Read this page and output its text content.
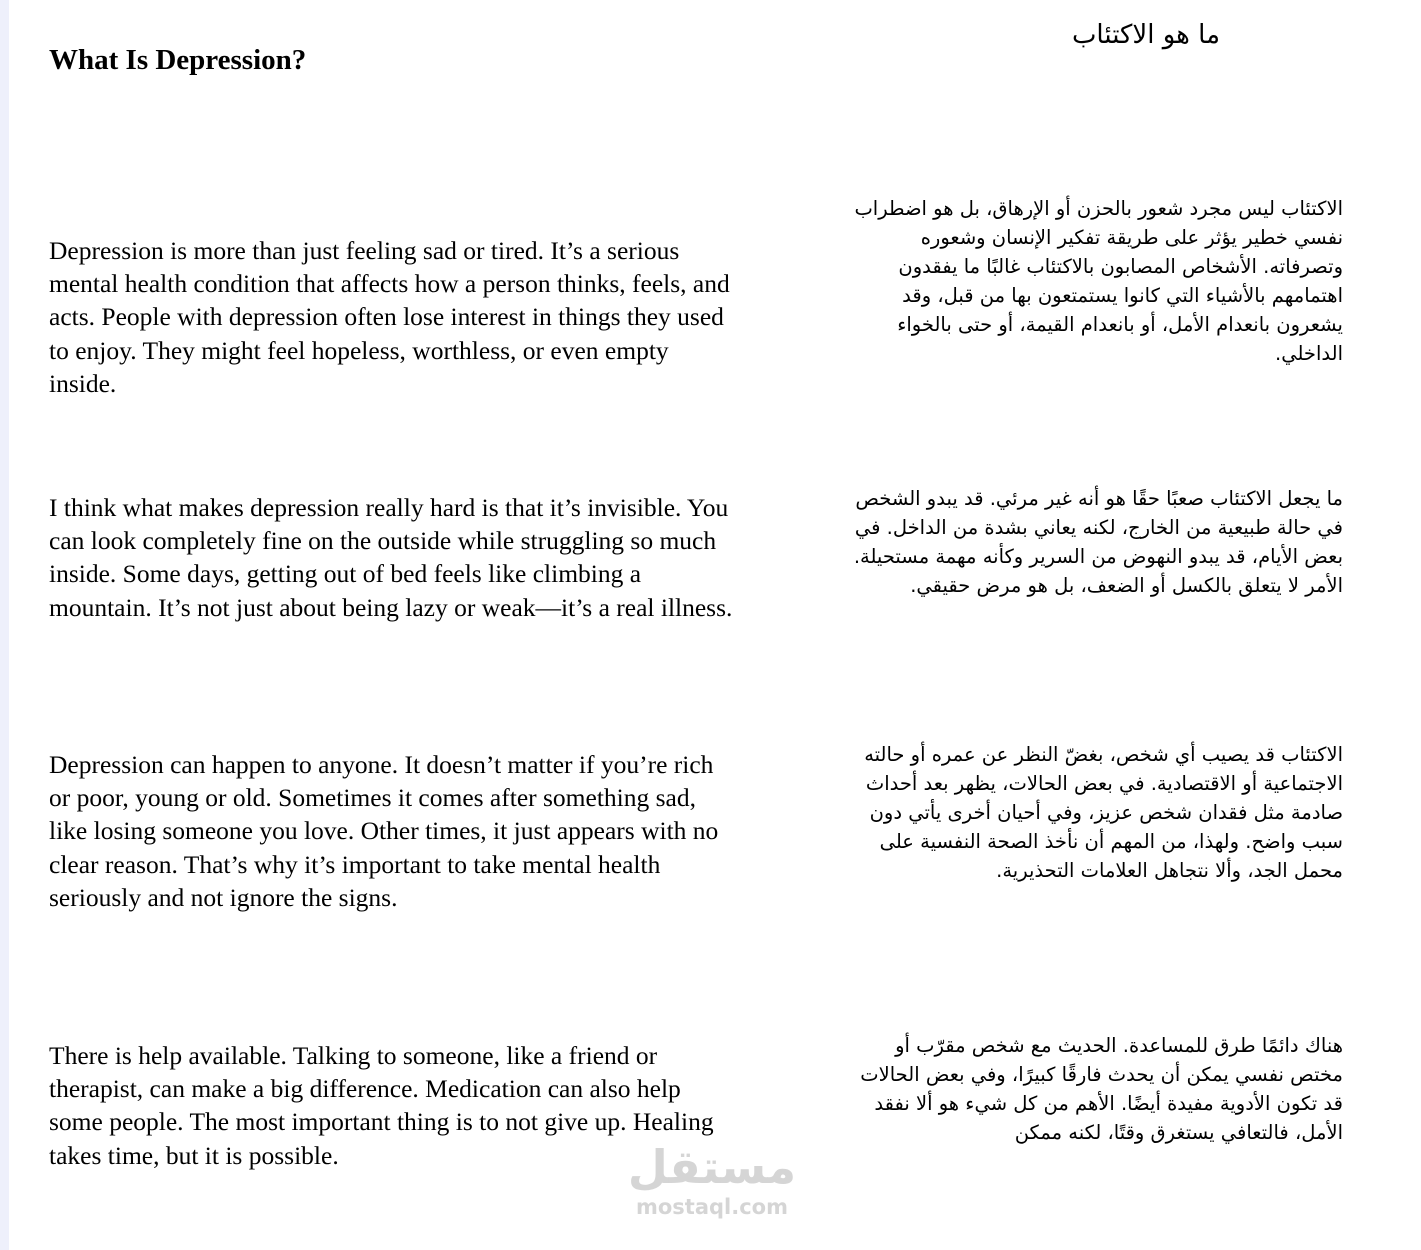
What Is Depression?
ما هو الاكتئاب

Depression is more than just feeling sad or tired. It’s a serious mental health condition that affects how a person thinks, feels, and acts. People with depression often lose interest in things they used to enjoy. They might feel hopeless, worthless, or even empty inside.

I think what makes depression really hard is that it’s invisible. You can look completely fine on the outside while struggling so much inside. Some days, getting out of bed feels like climbing a mountain. It’s not just about being lazy or weak—it’s a real illness.

Depression can happen to anyone. It doesn’t matter if you’re rich or poor, young or old. Sometimes it comes after something sad, like losing someone you love. Other times, it just appears with no clear reason. That’s why it’s important to take mental health seriously and not ignore the signs.

There is help available. Talking to someone, like a friend or therapist, can make a big difference. Medication can also help some people. The most important thing is to not give up. Healing takes time, but it is possible.

الاكتئاب ليس مجرد شعور بالحزن أو الإرهاق، بل هو اضطراب نفسي خطير يؤثر على طريقة تفكير الإنسان وشعوره وتصرفاته. الأشخاص المصابون بالاكتئاب غالبًا ما يفقدون اهتمامهم بالأشياء التي كانوا يستمتعون بها من قبل، وقد يشعرون بانعدام الأمل، أو بانعدام القيمة، أو حتى بالخواء الداخلي.

ما يجعل الاكتئاب صعبًا حقًا هو أنه غير مرئي. قد يبدو الشخص في حالة طبيعية من الخارج، لكنه يعاني بشدة من الداخل. في بعض الأيام، قد يبدو النهوض من السرير وكأنه مهمة مستحيلة. الأمر لا يتعلق بالكسل أو الضعف، بل هو مرض حقيقي.

الاكتئاب قد يصيب أي شخص، بغضّ النظر عن عمره أو حالته الاجتماعية أو الاقتصادية. في بعض الحالات، يظهر بعد أحداث صادمة مثل فقدان شخص عزيز، وفي أحيان أخرى يأتي دون سبب واضح. ولهذا، من المهم أن نأخذ الصحة النفسية على محمل الجد، وألا نتجاهل العلامات التحذيرية.

هناك دائمًا طرق للمساعدة. الحديث مع شخص مقرّب أو مختص نفسي يمكن أن يحدث فارقًا كبيرًا، وفي بعض الحالات قد تكون الأدوية مفيدة أيضًا. الأهم من كل شيء هو ألا نفقد الأمل، فالتعافي يستغرق وقتًا، لكنه ممكن

مستقل
mostaql.com
